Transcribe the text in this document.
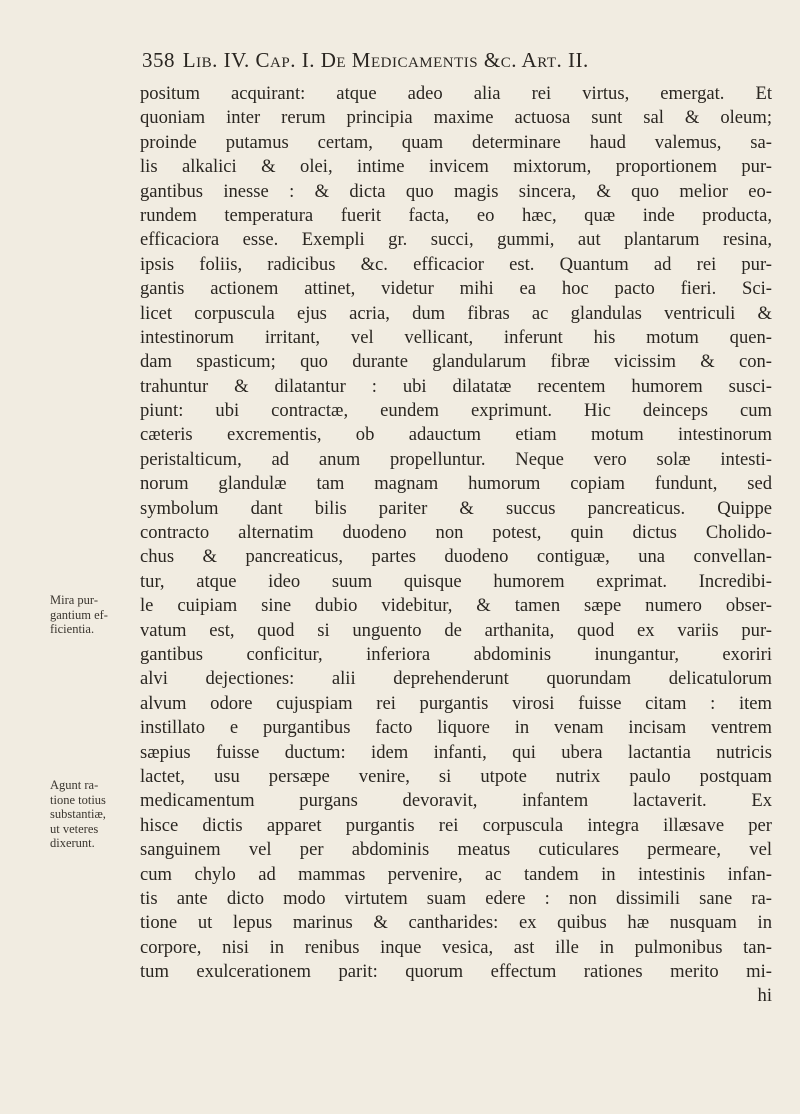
358 Lib. IV. Cap. I. De Medicamentis &c. Art. II.
positum acquirant: atque adeo alia rei virtus, emergat. Et
quoniam inter rerum principia maxime actuosa sunt sal & oleum;
proinde putamus certam, quam determinare haud valemus, sa-
lis alkalici & olei, intime invicem mixtorum, proportionem pur-
gantibus inesse : & dicta quo magis sincera, & quo melior eo-
rundem temperatura fuerit facta, eo hæc, quæ inde producta,
efficaciora esse. Exempli gr. succi, gummi, aut plantarum resina,
ipsis foliis, radicibus &c. efficacior est. Quantum ad rei pur-
gantis actionem attinet, videtur mihi ea hoc pacto fieri. Sci-
licet corpuscula ejus acria, dum fibras ac glandulas ventriculi &
intestinorum irritant, vel vellicant, inferunt his motum quen-
dam spasticum; quo durante glandularum fibræ vicissim & con-
trahuntur & dilatantur : ubi dilatatæ recentem humorem susci-
piunt: ubi contractæ, eundem exprimunt. Hic deinceps cum
cæteris excrementis, ob adauctum etiam motum intestinorum
peristalticum, ad anum propelluntur. Neque vero solæ intesti-
norum glandulæ tam magnam humorum copiam fundunt, sed
symbolum dant bilis pariter & succus pancreaticus. Quippe
contracto alternatim duodeno non potest, quin dictus Cholido-
chus & pancreaticus, partes duodeno contiguæ, una convellan-
tur, atque ideo suum quisque humorem exprimat. Incredibi-
le cuipiam sine dubio videbitur, & tamen sæpe numero obser-
vatum est, quod si unguento de arthanita, quod ex variis pur-
gantibus conficitur, inferiora abdominis inungantur, exoriri
alvi dejectiones: alii deprehenderunt quorundam delicatulorum
alvum odore cujuspiam rei purgantis virosi fuisse citam : item
instillato e purgantibus facto liquore in venam incisam ventrem
sæpius fuisse ductum: idem infanti, qui ubera lactantia nutricis
lactet, usu persæpe venire, si utpote nutrix paulo postquam
medicamentum purgans devoravit, infantem lactaverit. Ex
hisce dictis apparet purgantis rei corpuscula integra illæsave per
sanguinem vel per abdominis meatus cuticulares permeare, vel
cum chylo ad mammas pervenire, ac tandem in intestinis infan-
tis ante dicto modo virtutem suam edere : non dissimili sane ra-
tione ut lepus marinus & cantharides: ex quibus hæ nusquam in
corpore, nisi in renibus inque vesica, ast ille in pulmonibus tan-
tum exulcerationem parit: quorum effectum rationes merito mi-
hi
Mira pur-
gantium ef-
ficientia.
Agunt ra-
tione totius
substantiæ,
ut veteres
dixerunt.
